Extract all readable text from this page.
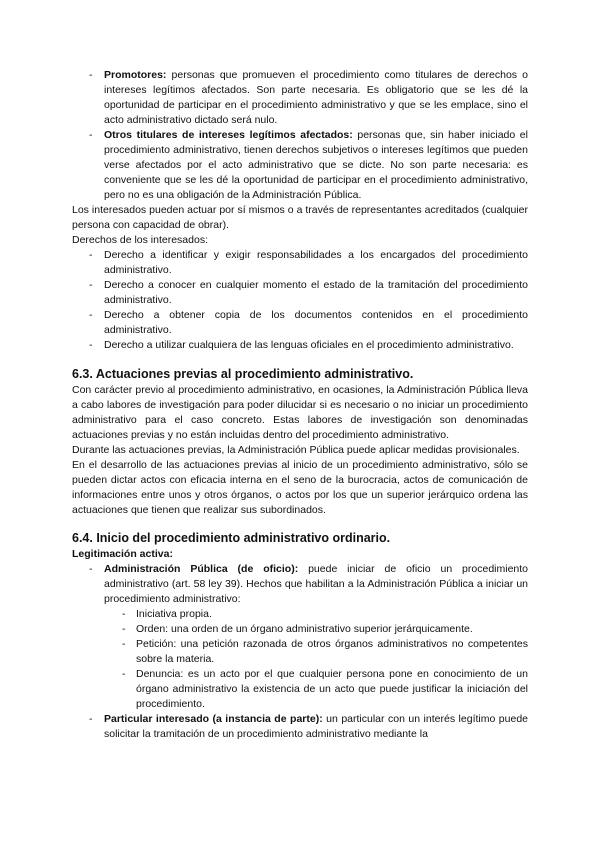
-	Promotores: personas que promueven el procedimiento como titulares de derechos o intereses legítimos afectados. Son parte necesaria. Es obligatorio que se les dé la oportunidad de participar en el procedimiento administrativo y que se les emplace, sino el acto administrativo dictado será nulo.
-	Otros titulares de intereses legítimos afectados: personas que, sin haber iniciado el procedimiento administrativo, tienen derechos subjetivos o intereses legítimos que pueden verse afectados por el acto administrativo que se dicte. No son parte necesaria: es conveniente que se les dé la oportunidad de participar en el procedimiento administrativo, pero no es una obligación de la Administración Pública.

Los interesados pueden actuar por sí mismos o a través de representantes acreditados (cualquier persona con capacidad de obrar).

Derechos de los interesados:

-	Derecho a identificar y exigir responsabilidades a los encargados del procedimiento administrativo.
-	Derecho a conocer en cualquier momento el estado de la tramitación del procedimiento administrativo.
-	Derecho a obtener copia de los documentos contenidos en el procedimiento administrativo.
-	Derecho a utilizar cualquiera de las lenguas oficiales en el procedimiento administrativo.
6.3. Actuaciones previas al procedimiento administrativo.

Con carácter previo al procedimiento administrativo, en ocasiones, la Administración Pública lleva a cabo labores de investigación para poder dilucidar si es necesario o no iniciar un procedimiento administrativo para el caso concreto. Estas labores de investigación son denominadas actuaciones previas y no están incluidas dentro del procedimiento administrativo.

Durante las actuaciones previas, la Administración Pública puede aplicar medidas provisionales.

En el desarrollo de las actuaciones previas al inicio de un procedimiento administrativo, sólo se pueden dictar actos con eficacia interna en el seno de la burocracia, actos de comunicación de informaciones entre unos y otros órganos, o actos por los que un superior jerárquico ordena las actuaciones que tienen que realizar sus subordinados.

6.4. Inicio del procedimiento administrativo ordinario.

Legitimación activa:

-	Administración Pública (de oficio): puede iniciar de oficio un procedimiento administrativo (art. 58 ley 39). Hechos que habilitan a la Administración Pública a iniciar un procedimiento administrativo:
-	Iniciativa propia.
-	Orden: una orden de un órgano administrativo superior jerárquicamente.
-	Petición: una petición razonada de otros órganos administrativos no competentes sobre la materia.
-	Denuncia: es un acto por el que cualquier persona pone en conocimiento de un órgano administrativo la existencia de un acto que puede justificar la iniciación del procedimiento.
-	Particular interesado (a instancia de parte): un particular con un interés legítimo puede solicitar la tramitación de un procedimiento administrativo mediante la
